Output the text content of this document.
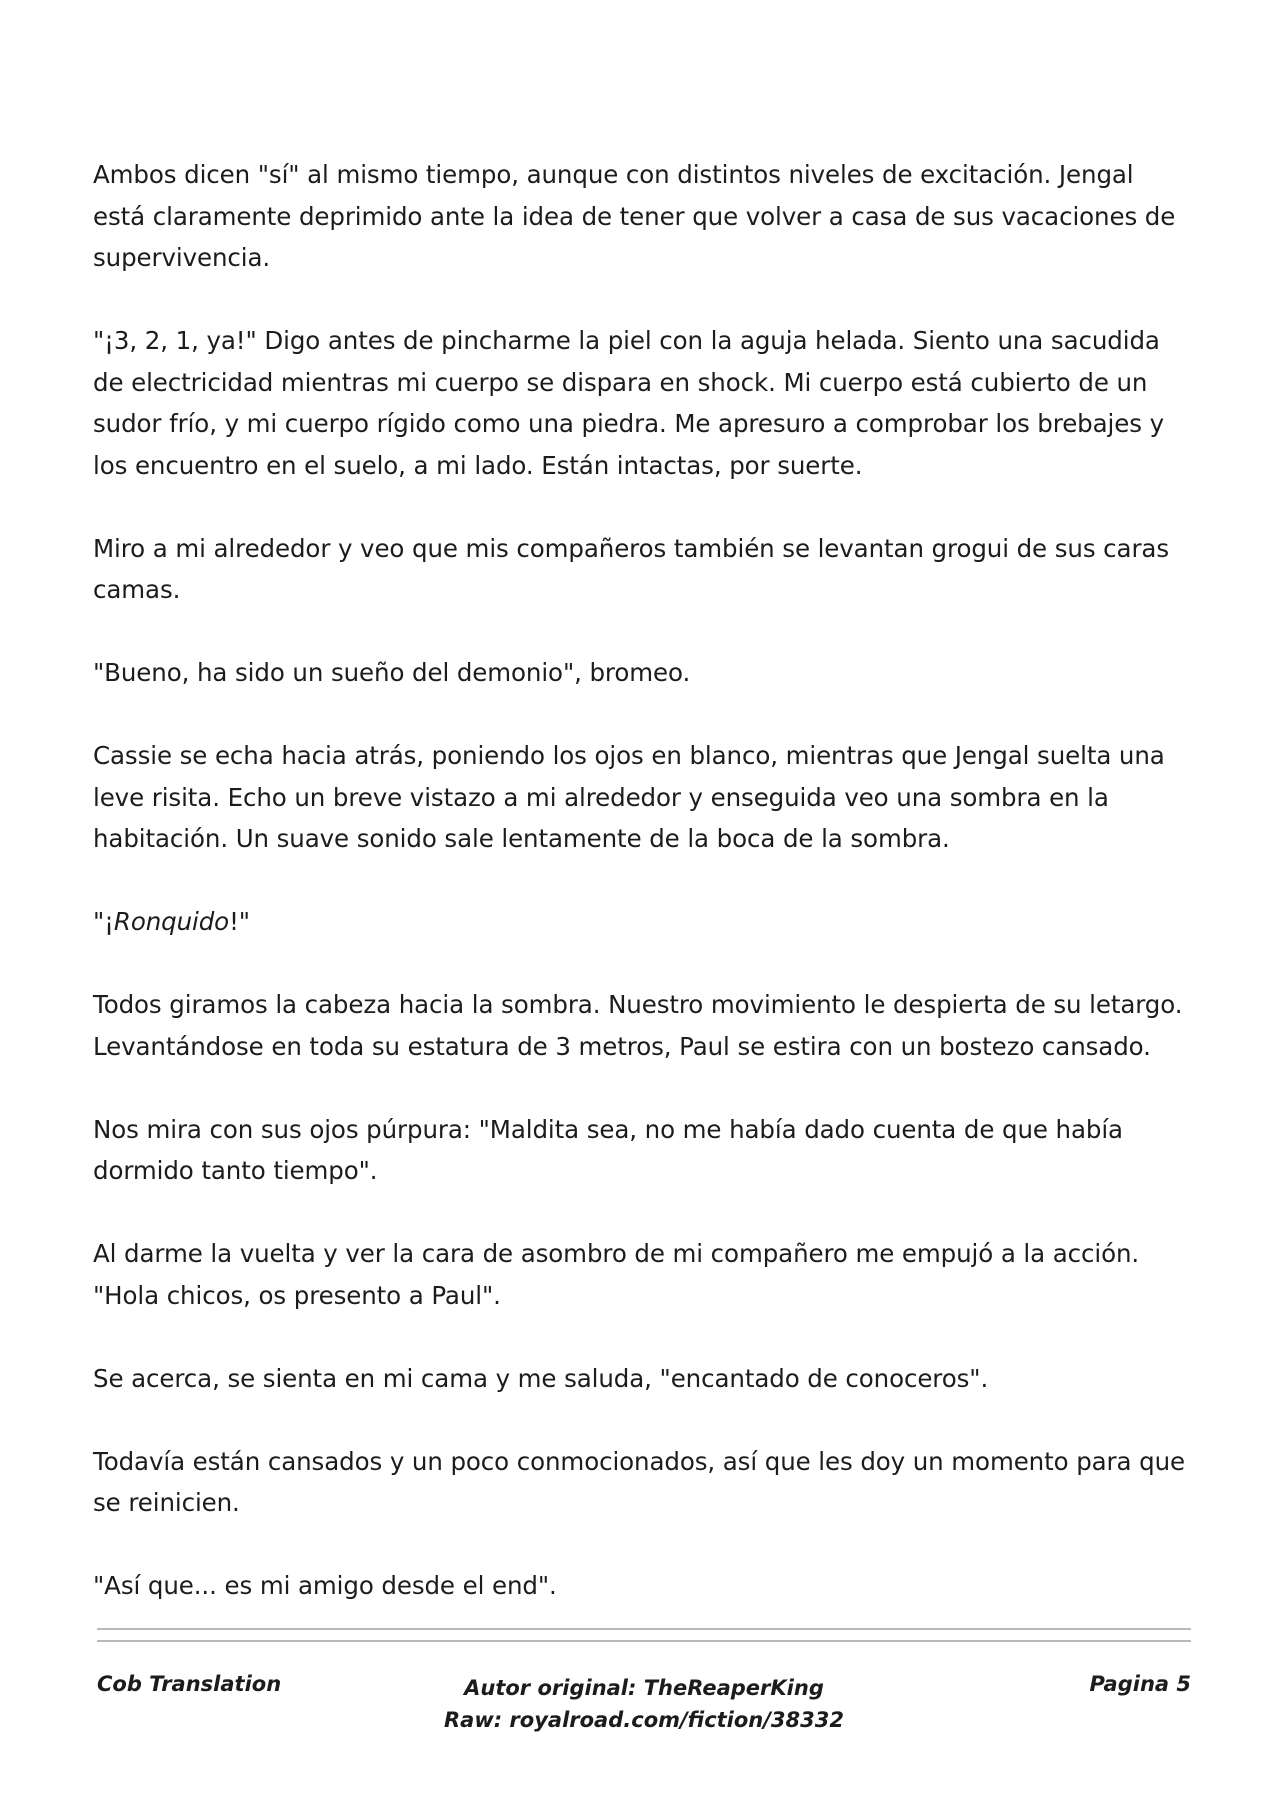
Ambos dicen "sí" al mismo tiempo, aunque con distintos niveles de excitación. Jengal está claramente deprimido ante la idea de tener que volver a casa de sus vacaciones de supervivencia.

"¡3, 2, 1, ya!" Digo antes de pincharme la piel con la aguja helada. Siento una sacudida de electricidad mientras mi cuerpo se dispara en shock. Mi cuerpo está cubierto de un sudor frío, y mi cuerpo rígido como una piedra. Me apresuro a comprobar los brebajes y los encuentro en el suelo, a mi lado. Están intactas, por suerte.

Miro a mi alrededor y veo que mis compañeros también se levantan grogui de sus caras camas.

"Bueno, ha sido un sueño del demonio", bromeo.

Cassie se echa hacia atrás, poniendo los ojos en blanco, mientras que Jengal suelta una leve risita. Echo un breve vistazo a mi alrededor y enseguida veo una sombra en la habitación. Un suave sonido sale lentamente de la boca de la sombra.

"¡Ronquido!"

Todos giramos la cabeza hacia la sombra. Nuestro movimiento le despierta de su letargo. Levantándose en toda su estatura de 3 metros, Paul se estira con un bostezo cansado.

Nos mira con sus ojos púrpura: "Maldita sea, no me había dado cuenta de que había dormido tanto tiempo".

Al darme la vuelta y ver la cara de asombro de mi compañero me empujó a la acción. "Hola chicos, os presento a Paul".

Se acerca, se sienta en mi cama y me saluda, "encantado de conoceros".

Todavía están cansados y un poco conmocionados, así que les doy un momento para que se reinicien.

"Así que... es mi amigo desde el end".

Cob Translation	Autor original: TheReaperKing
Raw: royalroad.com/fiction/38332
Pagina 5
